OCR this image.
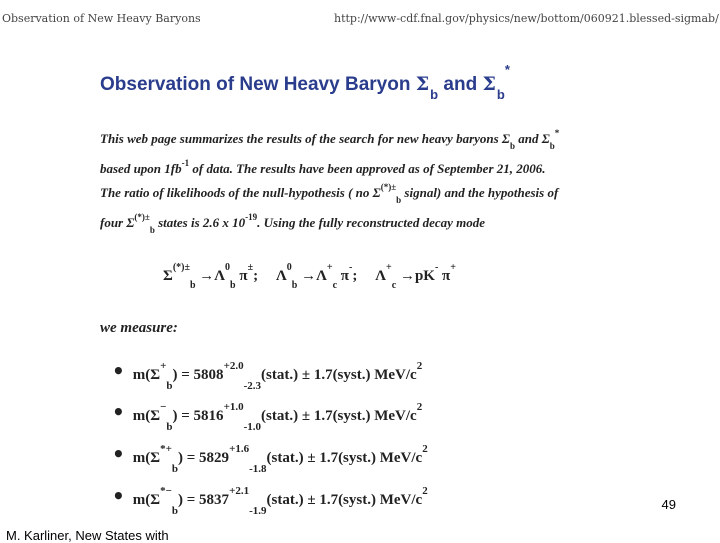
Observation of New Heavy Baryons	http://www-cdf.fnal.gov/physics/new/bottom/060921.blessed-sigmab/
Observation of New Heavy Baryon $\Sigma_b$ and $\Sigma_b^*$
This web page summarizes the results of the search for new heavy baryons $\Sigma_b$ and $\Sigma_b^*$
based upon $1fb^{-1}$ of data. The results have been approved as of September 21, 2006.
The ratio of likelihoods of the null-hypothesis ( no $\Sigma^{(*)\pm}_b$ signal) and the hypothesis of
four $\Sigma^{(*)\pm}_b$ states is 2.6 x $10^{-19}$. Using the fully reconstructed decay mode
$\Sigma^{(*)\pm}_b \to\Lambda^0_b$ π±; $\Lambda^0_b \to\Lambda^+_c$ π-; $\Lambda^+_c \to pK^-$ π+
we measure:
• $m(\Sigma^+_b)$ = $5808^{+2.0}_{-2.3}(stat.)$ ± 1.7(syst.) MeV/$c^2$
• $m(\Sigma^-_b)$ = $5816^{+1.0}_{-1.0}(stat.)$ ± 1.7(syst.) MeV/$c^2$
• $m(\Sigma^{*+}_b)$ = $5829^{+1.6}_{-1.8}(stat.)$ ± 1.7(syst.) MeV/$c^2$
• $m(\Sigma^{*-}_b)$ = $5837^{+2.1}_{-1.9}(stat.)$ ± 1.7(syst.) MeV/$c^2$
49
M. Karliner, New States with
